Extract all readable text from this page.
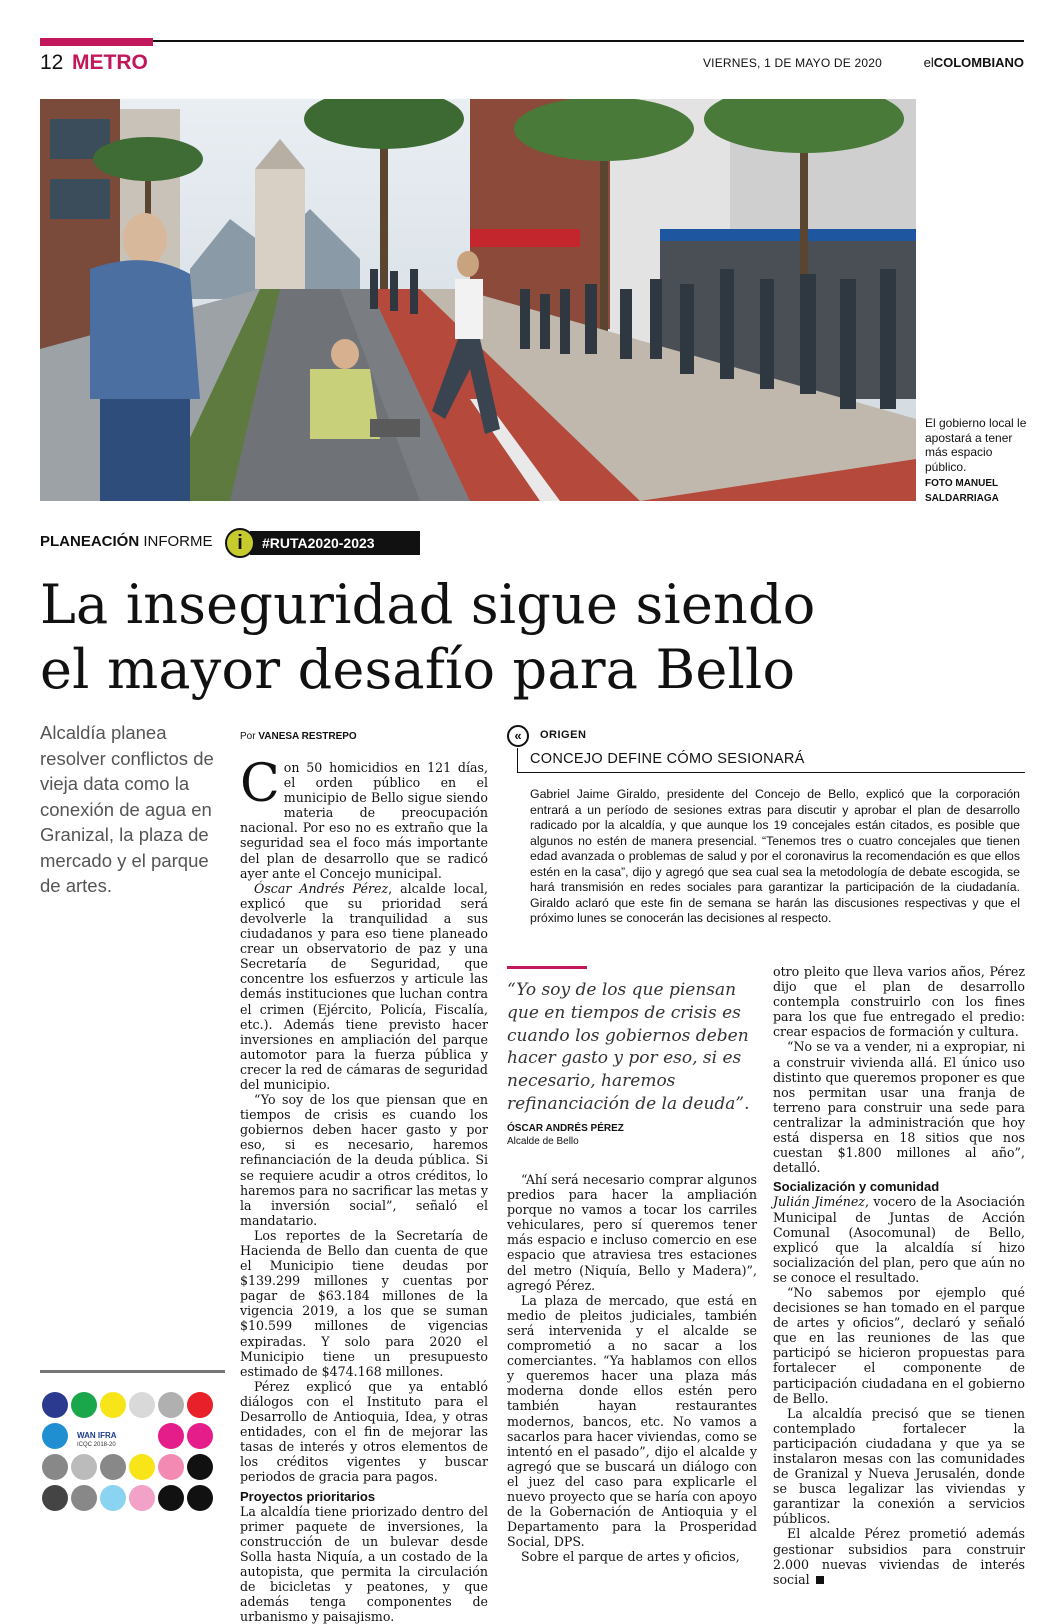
12 METRO	VIERNES, 1 DE MAYO DE 2020	elCOLOMBIANO
El gobierno local le apostará a tener más espacio público.
FOTO MANUEL SALDARRIAGA
PLANEACIÓN INFORME	#RUTA2020-2023
i
La inseguridad sigue siendo
el mayor desafío para Bello
Alcaldía planea resolver conflictos de vieja data como la conexión de agua en Granizal, la plaza de mercado y el parque de artes.
Por VANESA RESTREPO

Con 50 homicidios en 121 días, el orden público en el municipio de Bello sigue siendo materia de preocupación nacional. Por eso no es extraño que la seguridad sea el foco más importante del plan de desarrollo que se radicó ayer ante el Concejo municipal.

Óscar Andrés Pérez, alcalde local, explicó que su prioridad será devolverle la tranquilidad a sus ciudadanos y para eso tiene planeado crear un observatorio de paz y una Secretaría de Seguridad, que concentre los esfuerzos y articule las demás instituciones que luchan contra el crimen (Ejército, Policía, Fiscalía, etc.). Además tiene previsto hacer inversiones en ampliación del parque automotor para la fuerza pública y crecer la red de cámaras de seguridad del municipio.

“Yo soy de los que piensan que en tiempos de crisis es cuando los gobiernos deben hacer gasto y por eso, si es necesario, haremos refinanciación de la deuda pública. Si se requiere acudir a otros créditos, lo haremos para no sacrificar las metas y la inversión social”, señaló el mandatario.

Los reportes de la Secretaría de Hacienda de Bello dan cuenta de que el Municipio tiene deudas por $139.299 millones y cuentas por pagar de $63.184 millones de la vigencia 2019, a los que se suman $10.599 millones de vigencias expiradas. Y solo para 2020 el Municipio tiene un presupuesto estimado de $474.168 millones.

Pérez explicó que ya entabló diálogos con el Instituto para el Desarrollo de Antioquia, Idea, y otras entidades, con el fin de mejorar las tasas de interés y otros elementos de los créditos vigentes y buscar periodos de gracia para pagos.

Proyectos prioritarios

La alcaldía tiene priorizado dentro del primer paquete de inversiones, la construcción de un bulevar desde Solla hasta Niquía, a un costado de la autopista, que permita la circulación de bicicletas y peatones, y que además tenga componentes de urbanismo y paisajismo.

«	ORIGEN
CONCEJO DEFINE CÓMO SESIONARÁ
Gabriel Jaime Giraldo, presidente del Concejo de Bello, explicó que la corporación entrará a un período de sesiones extras para discutir y aprobar el plan de desarrollo radicado por la alcaldía, y que aunque los 19 concejales están citados, es posible que algunos no estén de manera presencial. “Tenemos tres o cuatro concejales que tienen edad avanzada o problemas de salud y por el coronavirus la recomendación es que ellos estén en la casa”, dijo y agregó que sea cual sea la metodología de debate escogida, se hará transmisión en redes sociales para garantizar la participación de la ciudadanía. Giraldo aclaró que este fin de semana se harán las discusiones respectivas y que el próximo lunes se conocerán las decisiones al respecto.
“Yo soy de los que piensan que en tiempos de crisis es cuando los gobiernos deben hacer gasto y por eso, si es necesario, haremos refinanciación de la deuda”.
ÓSCAR ANDRÉS PÉREZ
Alcalde de Bello

“Ahí será necesario comprar algunos predios para hacer la ampliación porque no vamos a tocar los carriles vehiculares, pero sí queremos tener más espacio e incluso comercio en ese espacio que atraviesa tres estaciones del metro (Niquía, Bello y Madera)”, agregó Pérez.

La plaza de mercado, que está en medio de pleitos judiciales, también será intervenida y el alcalde se comprometió a no sacar a los comerciantes. “Ya hablamos con ellos y queremos hacer una plaza más moderna donde ellos estén pero también hayan restaurantes modernos, bancos, etc. No vamos a sacarlos para hacer viviendas, como se intentó en el pasado”, dijo el alcalde y agregó que se buscará un diálogo con el juez del caso para explicarle el nuevo proyecto que se haría con apoyo de la Gobernación de Antioquia y el Departamento para la Prosperidad Social, DPS.

Sobre el parque de artes y oficios,

otro pleito que lleva varios años, Pérez dijo que el plan de desarrollo contempla construirlo con los fines para los que fue entregado el predio: crear espacios de formación y cultura.

“No se va a vender, ni a expropiar, ni a construir vivienda allá. El único uso distinto que queremos proponer es que nos permitan usar una franja de terreno para construir una sede para centralizar la administración que hoy está dispersa en 18 sitios que nos cuestan $1.800 millones al año”, detalló.

Socialización y comunidad

Julián Jiménez, vocero de la Asociación Municipal de Juntas de Acción Comunal (Asocomunal) de Bello, explicó que la alcaldía sí hizo socialización del plan, pero que aún no se conoce el resultado.

“No sabemos por ejemplo qué decisiones se han tomado en el parque de artes y oficios”, declaró y señaló que en las reuniones de las que participó se hicieron propuestas para fortalecer el componente de participación ciudadana en el gobierno de Bello.

La alcaldía precisó que se tienen contemplado fortalecer la participación ciudadana y que ya se instalaron mesas con las comunidades de Granizal y Nueva Jerusalén, donde se busca legalizar las viviendas y garantizar la conexión a servicios públicos.

El alcalde Pérez prometió además gestionar subsidios para construir 2.000 nuevas viviendas de interés social

WAN IFRA
ICQC 2018-20
